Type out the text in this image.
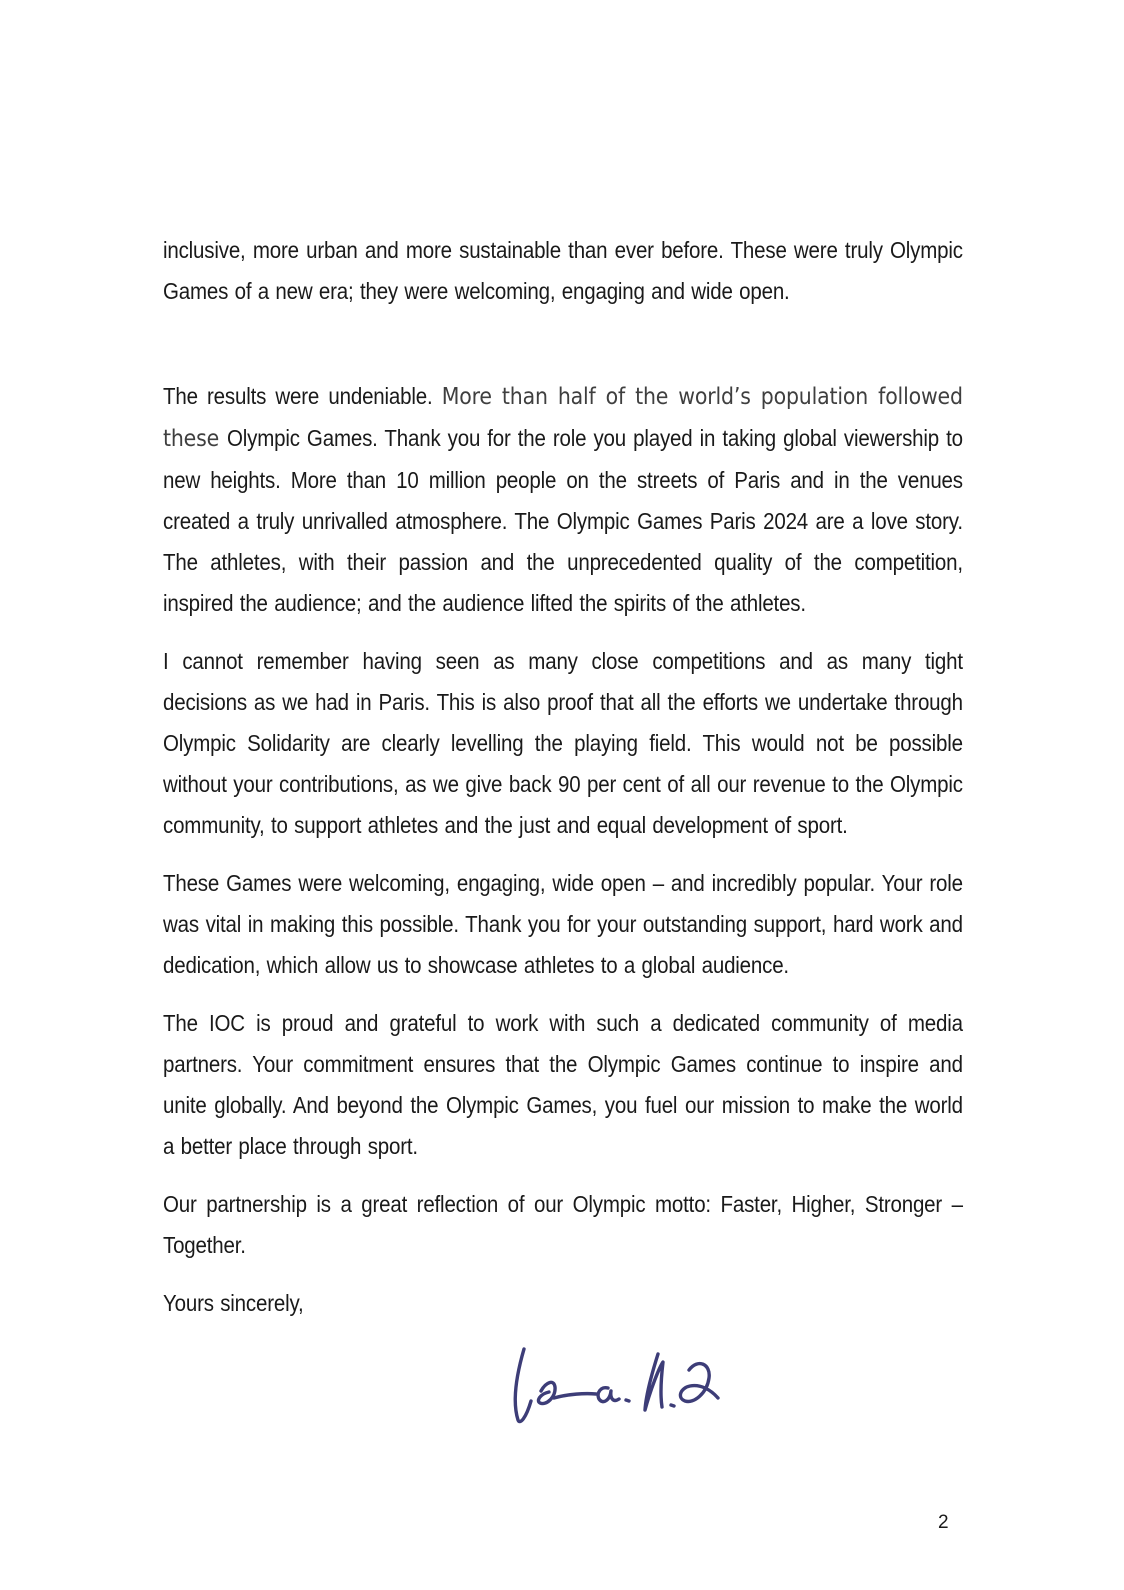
inclusive, more urban and more sustainable than ever before. These were truly Olympic Games of a new era; they were welcoming, engaging and wide open.

The results were undeniable. More than half of the world’s population followed these Olympic Games. Thank you for the role you played in taking global viewership to new heights. More than 10 million people on the streets of Paris and in the venues created a truly unrivalled atmosphere. The Olympic Games Paris 2024 are a love story. The athletes, with their passion and the unprecedented quality of the competition, inspired the audience; and the audience lifted the spirits of the athletes.

I cannot remember having seen as many close competitions and as many tight decisions as we had in Paris. This is also proof that all the efforts we undertake through Olympic Solidarity are clearly levelling the playing field. This would not be possible without your contributions, as we give back 90 per cent of all our revenue to the Olympic community, to support athletes and the just and equal development of sport.

These Games were welcoming, engaging, wide open – and incredibly popular. Your role was vital in making this possible. Thank you for your outstanding support, hard work and dedication, which allow us to showcase athletes to a global audience.

The IOC is proud and grateful to work with such a dedicated community of media partners. Your commitment ensures that the Olympic Games continue to inspire and unite globally. And beyond the Olympic Games, you fuel our mission to make the world a better place through sport.

Our partnership is a great reflection of our Olympic motto: Faster, Higher, Stronger – Together.

Yours sincerely,

2
